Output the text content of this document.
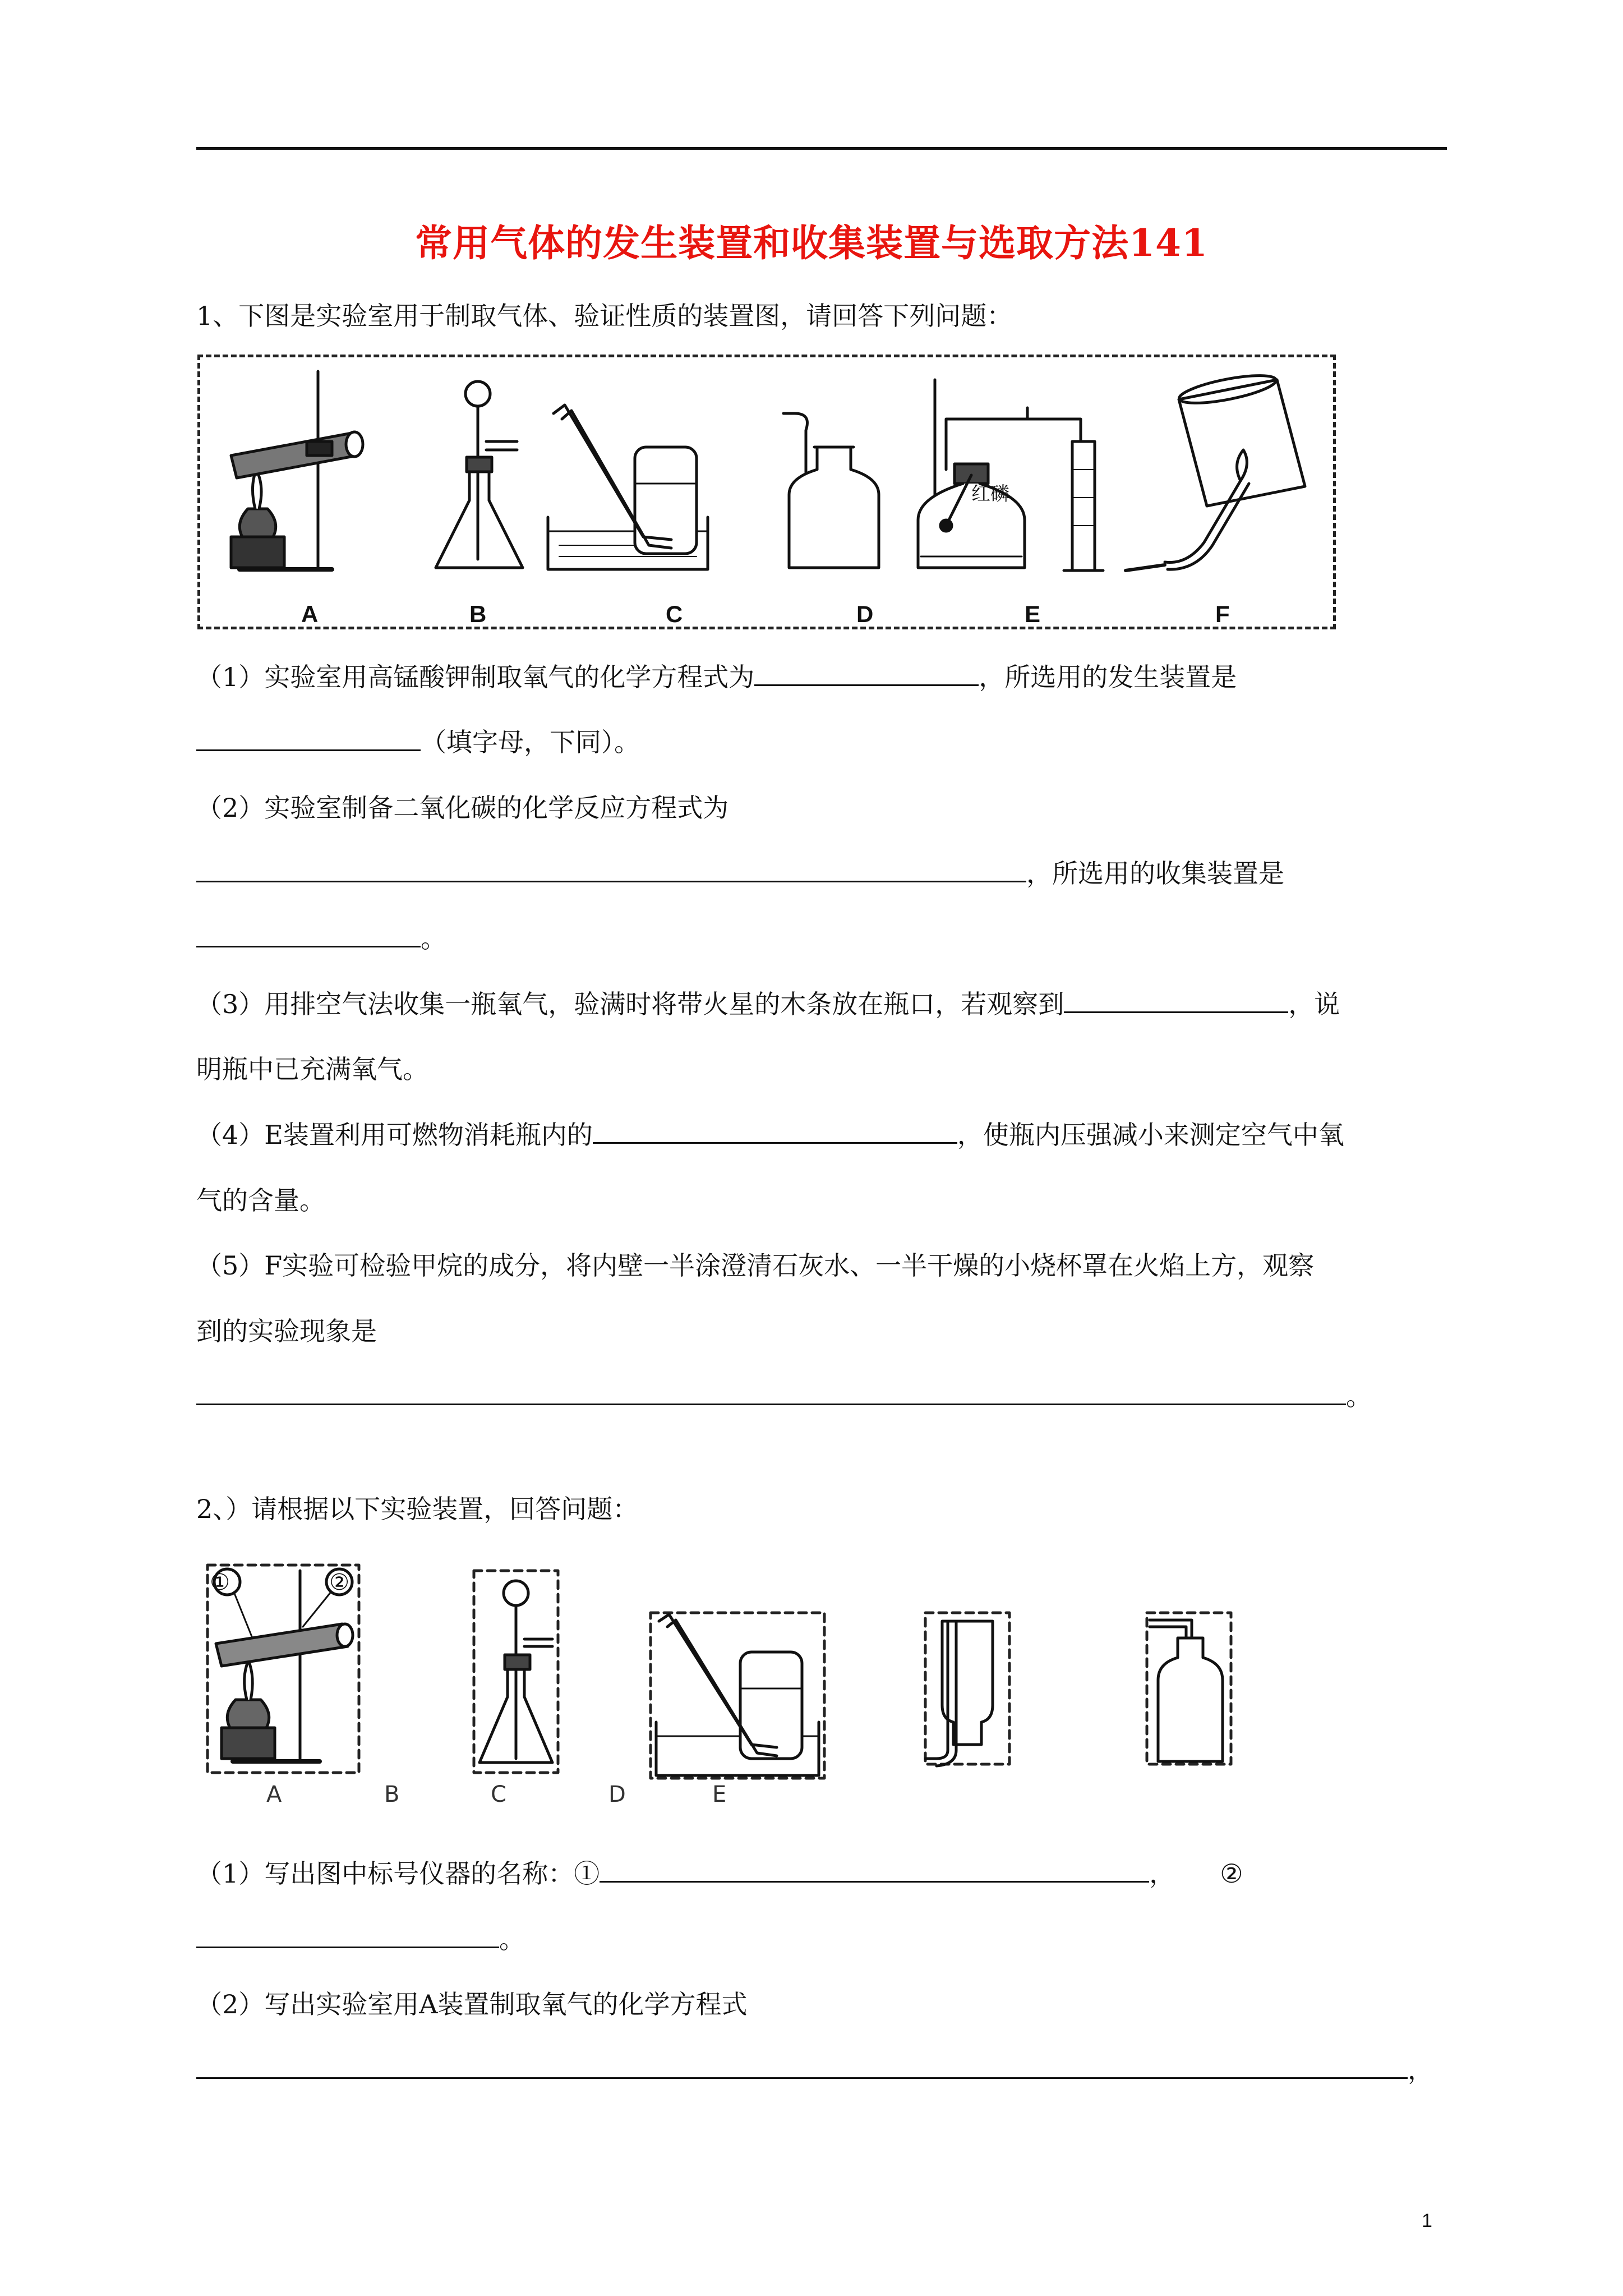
常用气体的发生装置和收集装置与选取方法141
1、下图是实验室用于制取气体、验证性质的装置图，请回答下列问题：
A	B	C	D	E	F
红磷
（1）实验室用高锰酸钾制取氧气的化学方程式为	，所选用的发生装置是
（填字母，下同）。
（2）实验室制备二氧化碳的化学反应方程式为
，所选用的收集装置是
。
（3）用排空气法收集一瓶氧气，验满时将带火星的木条放在瓶口，若观察到	，说
明瓶中已充满氧气。
（4）E装置利用可燃物消耗瓶内的	，使瓶内压强减小来测定空气中氧
气的含量。
（5）F实验可检验甲烷的成分，将内壁一半涂澄清石灰水、一半干燥的小烧杯罩在火焰上方，观察
到的实验现象是
。
2、）请根据以下实验装置，回答问题：
①	②
A	B	C	D	E
（1）写出图中标号仪器的名称：①	， ②
。
（2）写出实验室用A装置制取氧气的化学方程式
，
1
